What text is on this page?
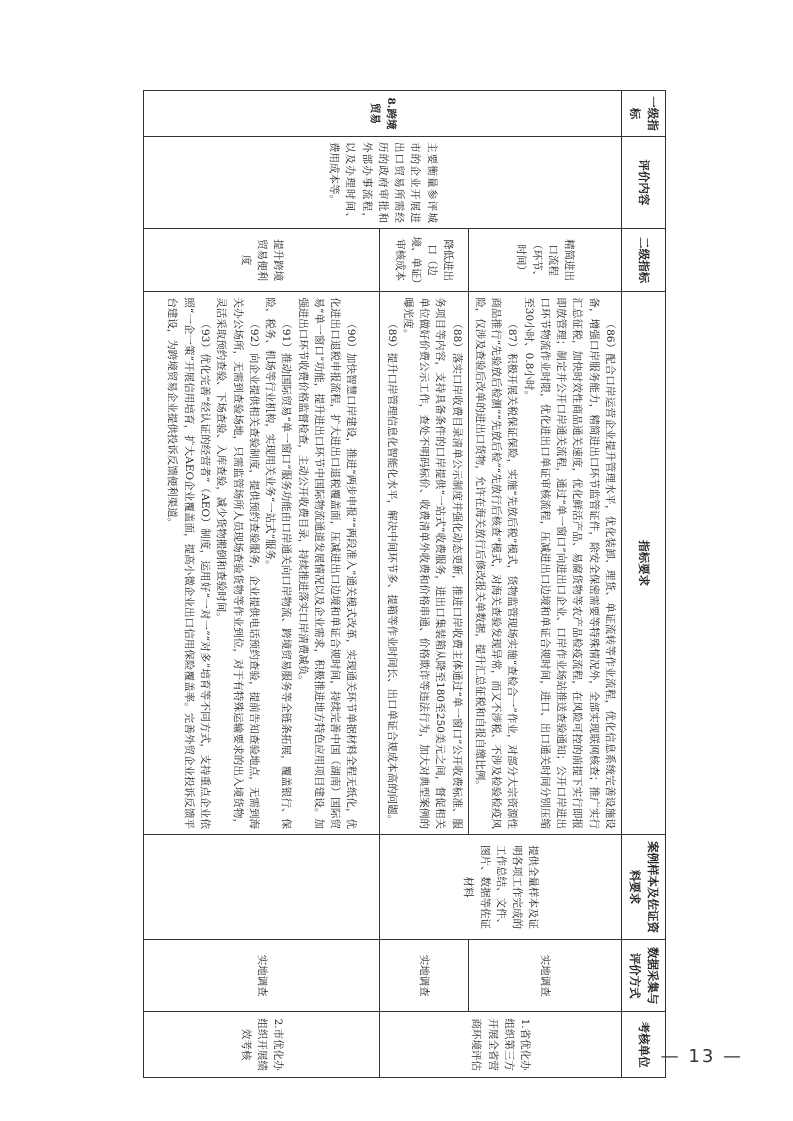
一级指标	评价内容	二级指标	指标要求	案例样本及佐证资料要求	数据采集与评价方式	考核单位
8.跨境贸易	主要衡量参评城市的企业开展进出口贸易所需经历的政府审批和外部办事流程，以及办理时间、费用成本等。	精简进出口流程（环节、时间）	（86）配合口岸运营企业提升管理水平，优化装卸、理货、单证流转等作业流程，优化信息系统完善设施设备，增强口岸服务能力，精简进出口环节监管证件，除安全保密需要等特殊情况外，全部实现联网核查；推广实行汇总征税，加快时效性商品通关速度，优化鲜活产品、易腐货物等农产品检疫流程，在风险可控的前提下实行即报即放管理；制定并公开口岸通关流程，通过“单一窗口”向进出口企业、口岸作业场站推送查验通知；公开口岸进出口环节物流作业时限，优化进出口单证审核流程，压减进出口边境和单证合规时间，进口、出口通关时间分别压缩至30小时、0.8小时。

（87）积极开展关税保证保险，实施“先放后税”模式，货物监管现场实施“查检合一”作业，对部分大宗资源性商品推行“先验放后检测”“先放后检”“先放行后核查”模式，对海关查验发现异常，而又不涉税、不涉及检验检疫风险，仅涉及查验后改单的进出口货物，允许在海关放行后修改报关单数据，提升汇总征税和自报自缴比例。	提供全量样本及证明各项工作完成的工作总结、文件、图片、数据等佐证材料	实地调查	1.省优化办组织第三方开展全省营商环境评估
		降低进出口（边境、单证）审核成本	（88）落实口岸收费目录清单公示制度并强化动态更新，推进口岸收费主体通过“单一窗口”公开收费标准、服务项目等内容，支持具备条件的口岸提供“一站式”收费服务，进出口集装箱从降至180至250美元之间，督促相关单位做好价费公示工作，查处不明码标价、收费清单外收费和价格串通、价格欺诈等违法行为，加大对典型案例的曝光度。

（89）提升口岸管理信息化智能化水平，解决中间环节多、提箱等作业时间长、出口单证合规成本高的问题。		实地调查	
		提升跨境贸易便利度	（90）加快智慧口岸建设，推进“两步申报”“两段准入”通关模式改革，实现通关环节单据材料全程无纸化，优化进出口退税申报流程，扩大进出口退税覆盖面，压减进出口边境和单证合规时间，持续完善中国（湖南）国际贸易“单一窗口”功能，提升进出口环节中国际物流通道发展情况以及企业需求，积极推进地方特色应用项目建设。加强进出口环节收费价格监督检查，主动公开收费目录，持续推进落实口岸清费减负。

（91）推动国际贸易“单一窗口”服务功能由口岸通关向口岸物流、跨境贸易服务等全链条拓展，覆盖银行、保险、税务、机场等行业机构，实现用关业务“一站式”服务。

（92）向企业提供相关查验制度，提供预约查验服务，企业提供电话预约查验，提前告知查验地点，无需到海关办公场所，无需到查验场地，只需监管场所人员现场查验货物等作业到位，对于有特殊运输要求的出入境货物，灵活采取预约查验、下场查验、入库查验，减少货物搬倒和查验时间。

（93）优化完善“经认证的经营者”（AEO）制度，运用好“一对一”“对多”培育等不同方式，支持重点企业依照“一企一策”开展信用培育，扩大AEO企业覆盖面，提高小微企业出口信用保险覆盖率。完善外贸企业投诉反馈平台建设，为跨境贸易企业提供投诉反馈便利渠道。		实地调查	2.市优化办组织开展绩效考核	— 13 —
